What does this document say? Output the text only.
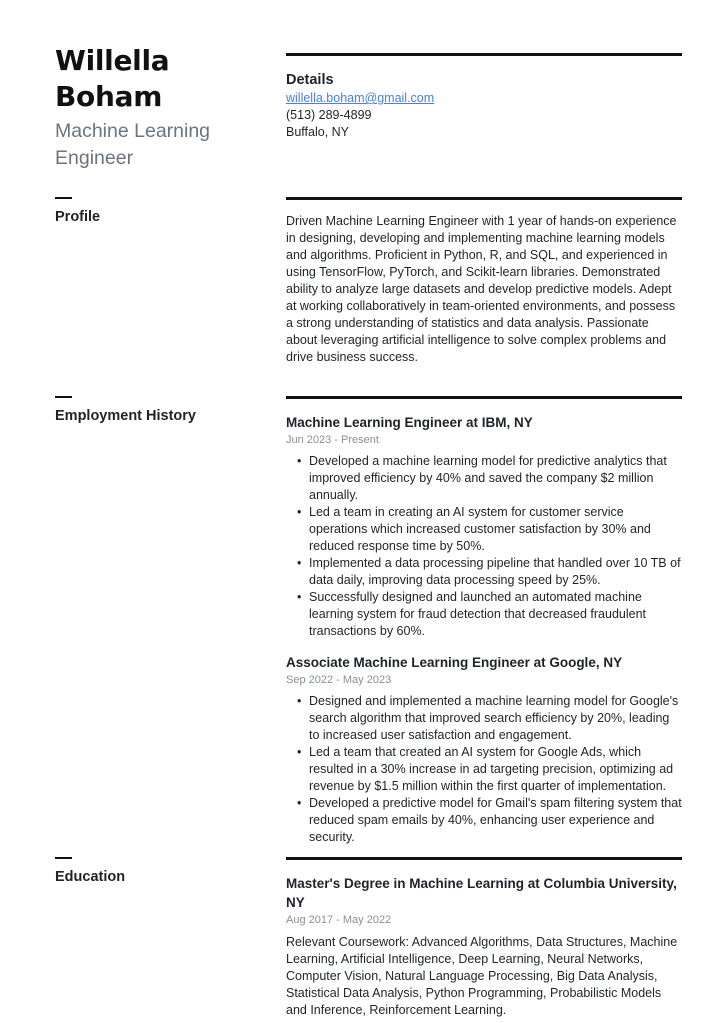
Willella
Boham
Machine Learning
Engineer
Details
willella.boham@gmail.com
(513) 289-4899
Buffalo, NY
Profile	Driven Machine Learning Engineer with 1 year of hands-on experience in designing, developing and implementing machine learning models and algorithms. Proficient in Python, R, and SQL, and experienced in using TensorFlow, PyTorch, and Scikit-learn libraries. Demonstrated ability to analyze large datasets and develop predictive models. Adept at working collaboratively in team-oriented environments, and possess a strong understanding of statistics and data analysis. Passionate about leveraging artificial intelligence to solve complex problems and drive business success.
Employment History	Machine Learning Engineer at IBM, NY
Jun 2023 - Present
• Developed a machine learning model for predictive analytics that improved efficiency by 40% and saved the company $2 million annually.
• Led a team in creating an AI system for customer service operations which increased customer satisfaction by 30% and reduced response time by 50%.
• Implemented a data processing pipeline that handled over 10 TB of data daily, improving data processing speed by 25%.
• Successfully designed and launched an automated machine learning system for fraud detection that decreased fraudulent transactions by 60%.
Associate Machine Learning Engineer at Google, NY
Sep 2022 - May 2023
• Designed and implemented a machine learning model for Google's search algorithm that improved search efficiency by 20%, leading to increased user satisfaction and engagement.
• Led a team that created an AI system for Google Ads, which resulted in a 30% increase in ad targeting precision, optimizing ad revenue by $1.5 million within the first quarter of implementation.
• Developed a predictive model for Gmail's spam filtering system that reduced spam emails by 40%, enhancing user experience and security.
Education	Master's Degree in Machine Learning at Columbia University, NY
Aug 2017 - May 2022
Relevant Coursework: Advanced Algorithms, Data Structures, Machine Learning, Artificial Intelligence, Deep Learning, Neural Networks, Computer Vision, Natural Language Processing, Big Data Analysis, Statistical Data Analysis, Python Programming, Probabilistic Models and Inference, Reinforcement Learning.
